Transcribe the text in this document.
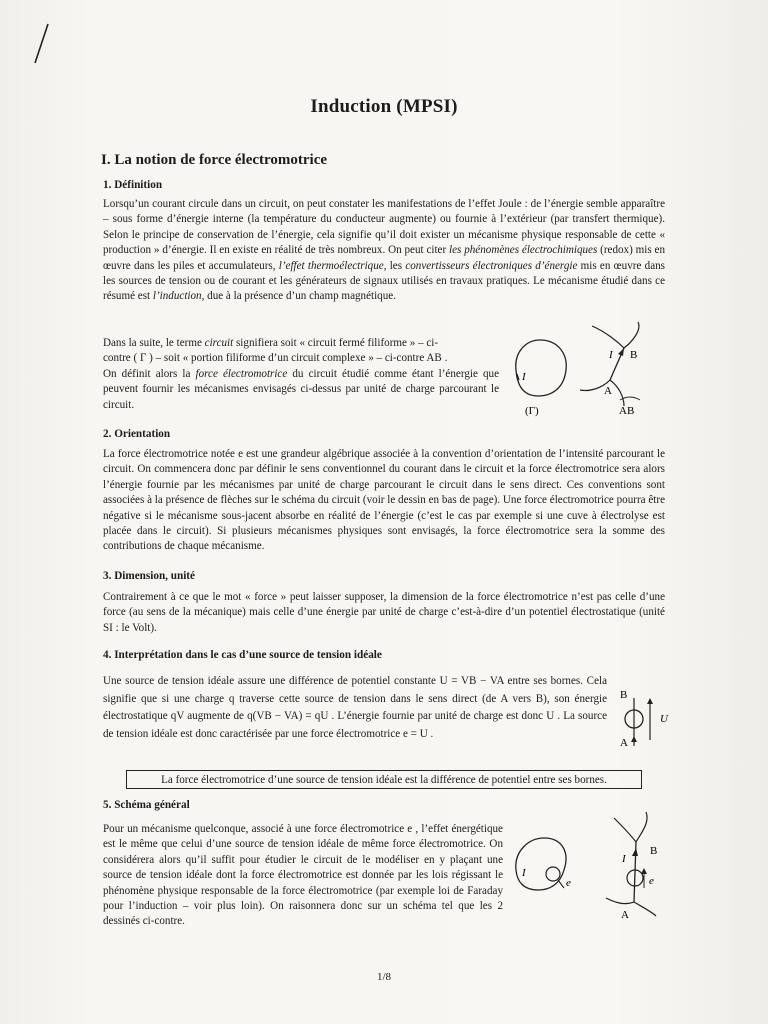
Induction (MPSI)
I. La notion de force électromotrice
1. Définition

Lorsqu’un courant circule dans un circuit, on peut constater les manifestations de l’effet Joule : de l’énergie semble apparaître – sous forme d’énergie interne (la température du conducteur augmente) ou fournie à l’extérieur (par transfert thermique). Selon le principe de conservation de l’énergie, cela signifie qu’il doit exister un mécanisme physique responsable de cette « production » d’énergie. Il en existe en réalité de très nombreux. On peut citer les phénomènes électrochimiques (redox) mis en œuvre dans les piles et accumulateurs, l’effet thermoélectrique, les convertisseurs électroniques d’énergie mis en œuvre dans les sources de tension ou de courant et les générateurs de signaux utilisés en travaux pratiques. Le mécanisme étudié dans ce résumé est l’induction, due à la présence d’un champ magnétique.

Dans la suite, le terme circuit signifiera soit « circuit fermé filiforme » – ci-

contre ( Γ ) – soit « portion filiforme d’un circuit complexe » – ci-contre AB .

On définit alors la force électromotrice du circuit étudié comme étant l’énergie que peuvent fournir les mécanismes envisagés ci-dessus par unité de charge parcourant le circuit.

I
(Γ)
I B
A
AB
2. Orientation

La force électromotrice notée e est une grandeur algébrique associée à la convention d’orientation de l’intensité parcourant le circuit. On commencera donc par définir le sens conventionnel du courant dans le circuit et la force électromotrice sera alors l’énergie fournie par les mécanismes par unité de charge parcourant le circuit dans le sens direct. Ces conventions sont associées à la présence de flèches sur le schéma du circuit (voir le dessin en bas de page). Une force électromotrice pourra être négative si le mécanisme sous-jacent absorbe en réalité de l’énergie (c’est le cas par exemple si une cuve à électrolyse est placée dans le circuit). Si plusieurs mécanismes physiques sont envisagés, la force électromotrice sera la somme des contributions de chaque mécanisme.

3. Dimension, unité

Contrairement à ce que le mot « force » peut laisser supposer, la dimension de la force électromotrice n’est pas celle d’une force (au sens de la mécanique) mais celle d’une énergie par unité de charge c’est-à-dire d’un potentiel électrostatique (unité SI : le Volt).

4. Interprétation dans le cas d’une source de tension idéale

Une source de tension idéale assure une différence de potentiel constante U = VB − VA entre ses bornes. Cela signifie que si une charge q traverse cette source de tension dans le sens direct (de A vers B), son énergie électrostatique qV augmente de q(VB − VA) = qU . L’énergie fournie par unité de charge est donc U . La source de tension idéale est donc caractérisée par une force électromotrice e = U .

B
A
U
La force électromotrice d’une source de tension idéale est la différence de potentiel entre ses bornes.
5. Schéma général

Pour un mécanisme quelconque, associé à une force électromotrice e , l’effet énergétique est le même que celui d’une source de tension idéale de même force électromotrice. On considérera alors qu’il suffit pour étudier le circuit de le modéliser en y plaçant une source de tension idéale dont la force électromotrice est donnée par les lois régissant le phénomène physique responsable de la force électromotrice (par exemple loi de Faraday pour l’induction – voir plus loin). On raisonnera donc sur un schéma tel que les 2 dessinés ci-contre.

I
e
I
B
e
A
1/8
